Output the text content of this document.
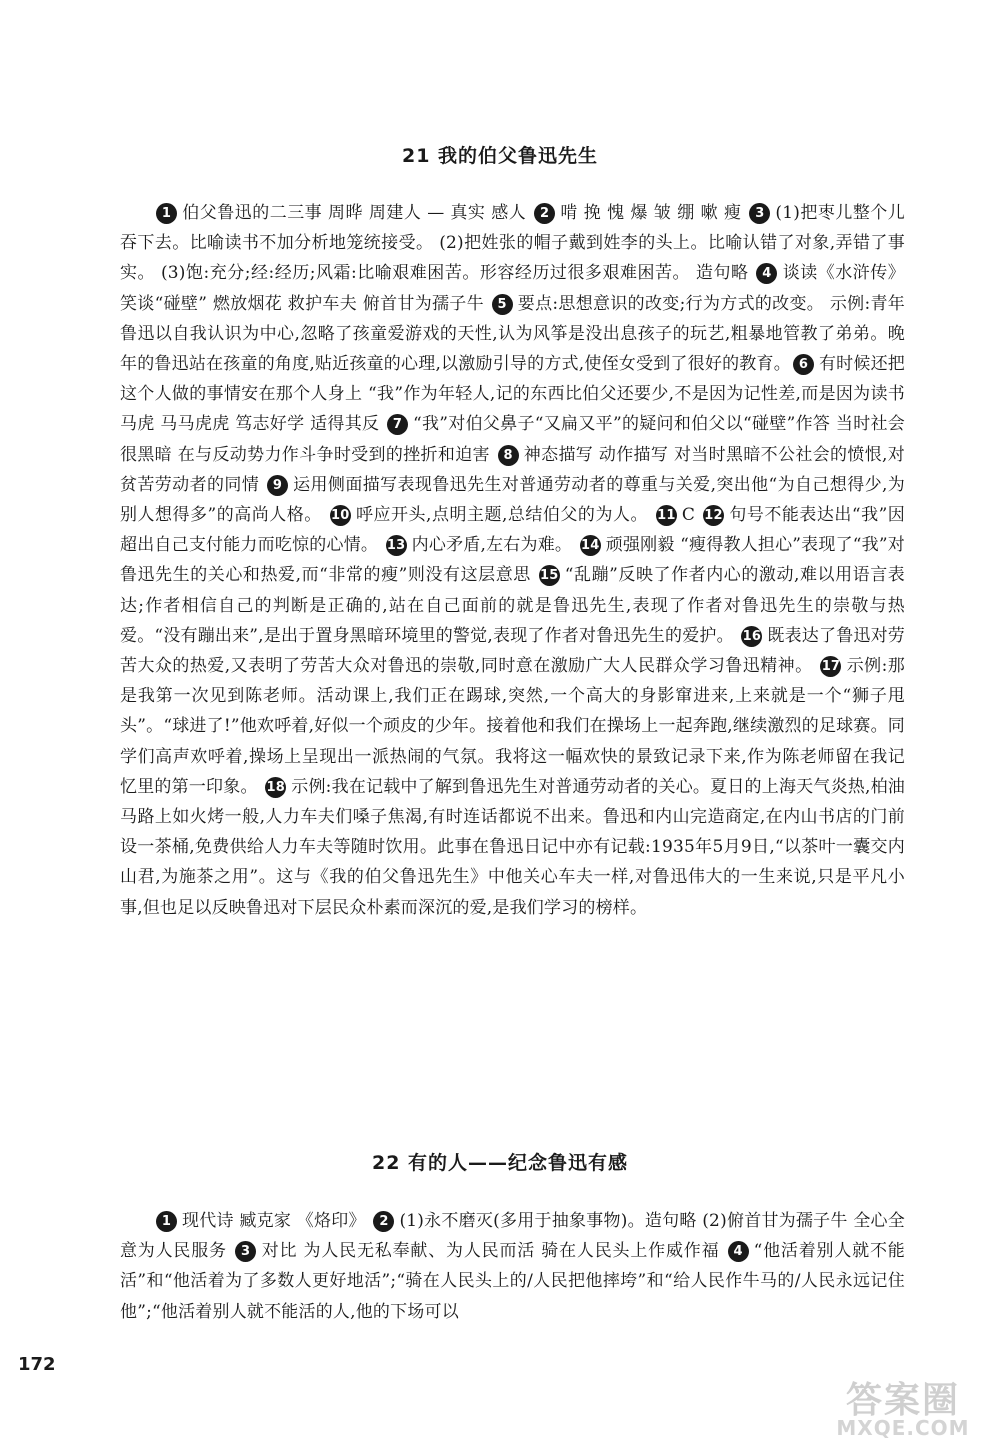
21 我的伯父鲁迅先生

1 伯父鲁迅的二三事 周晔 周建人 — 真实 感人 2 啃 挽 愧 爆 皱 绷 嗽 瘦 3 (1)把枣儿整个儿吞下去。比喻读书不加分析地笼统接受。 (2)把姓张的帽子戴到姓李的头上。比喻认错了对象,弄错了事实。 (3)饱:充分;经:经历;风霜:比喻艰难困苦。形容经历过很多艰难困苦。 造句略 4 谈读《水浒传》 笑谈“碰壁” 燃放烟花 救护车夫 俯首甘为孺子牛 5 要点:思想意识的改变;行为方式的改变。 示例:青年鲁迅以自我认识为中心,忽略了孩童爱游戏的天性,认为风筝是没出息孩子的玩艺,粗暴地管教了弟弟。晚年的鲁迅站在孩童的角度,贴近孩童的心理,以激励引导的方式,使侄女受到了很好的教育。 6 有时候还把这个人做的事情安在那个人身上 “我”作为年轻人,记的东西比伯父还要少,不是因为记性差,而是因为读书马虎 马马虎虎 笃志好学 适得其反 7 “我”对伯父鼻子“又扁又平”的疑问和伯父以“碰壁”作答 当时社会很黑暗 在与反动势力作斗争时受到的挫折和迫害 8 神态描写 动作描写 对当时黑暗不公社会的愤恨,对贫苦劳动者的同情 9 运用侧面描写表现鲁迅先生对普通劳动者的尊重与关爱,突出他“为自己想得少,为别人想得多”的高尚人格。 10 呼应开头,点明主题,总结伯父的为人。 11 C 12 句号不能表达出“我”因超出自己支付能力而吃惊的心情。 13 内心矛盾,左右为难。 14 顽强刚毅 “瘦得教人担心”表现了“我”对鲁迅先生的关心和热爱,而“非常的瘦”则没有这层意思 15 “乱蹦”反映了作者内心的激动,难以用语言表达;作者相信自己的判断是正确的,站在自己面前的就是鲁迅先生,表现了作者对鲁迅先生的崇敬与热爱。“没有蹦出来”,是出于置身黑暗环境里的警觉,表现了作者对鲁迅先生的爱护。 16 既表达了鲁迅对劳苦大众的热爱,又表明了劳苦大众对鲁迅的崇敬,同时意在激励广大人民群众学习鲁迅精神。 17 示例:那是我第一次见到陈老师。活动课上,我们正在踢球,突然,一个高大的身影窜进来,上来就是一个“狮子甩头”。“球进了!”他欢呼着,好似一个顽皮的少年。接着他和我们在操场上一起奔跑,继续激烈的足球赛。同学们高声欢呼着,操场上呈现出一派热闹的气氛。我将这一幅欢快的景致记录下来,作为陈老师留在我记忆里的第一印象。 18 示例:我在记载中了解到鲁迅先生对普通劳动者的关心。夏日的上海天气炎热,柏油马路上如火烤一般,人力车夫们嗓子焦渴,有时连话都说不出来。鲁迅和内山完造商定,在内山书店的门前设一茶桶,免费供给人力车夫等随时饮用。此事在鲁迅日记中亦有记载:1935年5月9日,“以茶叶一囊交内山君,为施茶之用”。这与《我的伯父鲁迅先生》中他关心车夫一样,对鲁迅伟大的一生来说,只是平凡小事,但也足以反映鲁迅对下层民众朴素而深沉的爱,是我们学习的榜样。

22 有的人——纪念鲁迅有感

1 现代诗 臧克家 《烙印》 2 (1)永不磨灭(多用于抽象事物)。造句略 (2)俯首甘为孺子牛 全心全意为人民服务 3 对比 为人民无私奉献、为人民而活 骑在人民头上作威作福 4 “他活着别人就不能活”和“他活着为了多数人更好地活”;“骑在人民头上的/人民把他摔垮”和“给人民作牛马的/人民永远记住他”;“他活着别人就不能活的人,他的下场可以

172
答案圈
MXQE.COM
